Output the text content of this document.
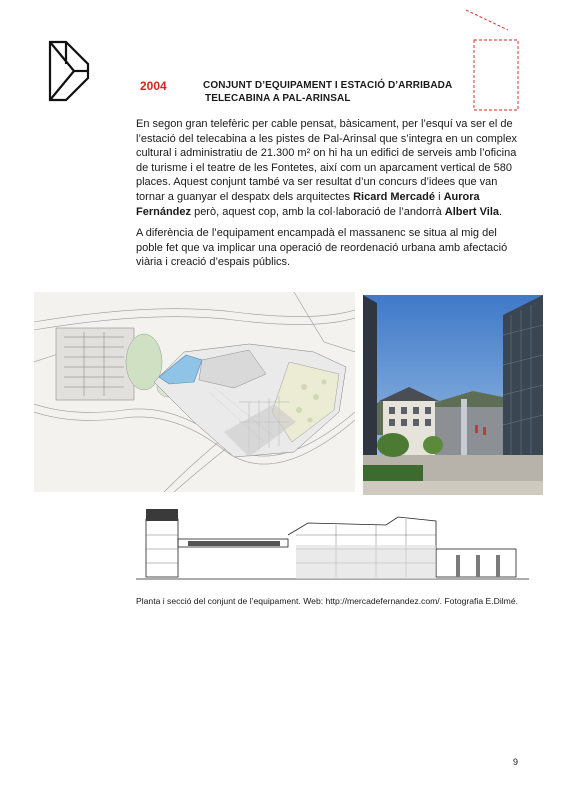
2004	CONJUNT D’EQUIPAMENT I ESTACIÓ D’ARRIBADA
TELECABINA A PAL-ARINSAL

En segon gran telefèric per cable pensat, bàsicament, per l’esquí va ser el de l’estació del telecabina a les pistes de Pal-Arinsal que s’integra en un complex cultural i administratiu de 21.300 m² on hi ha un edifici de serveis amb l’oficina de turisme i el teatre de les Fontetes, així com un aparcament vertical de 580 places. Aquest conjunt també va ser resultat d’un concurs d’idees que van tornar a guanyar el despatx dels arquitectes Ricard Mercadé i Aurora Fernández però, aquest cop, amb la col·laboració de l’andorrà Albert Vila.

A diferència de l’equipament encampadà el massanenc se situa al mig del poble fet que va implicar una operació de reordenació urbana amb afectació viària i creació d’espais públics.

Planta i secció del conjunt de l’equipament. Web: http://mercadefernandez.com/. Fotografia E.Dilmé.
9
